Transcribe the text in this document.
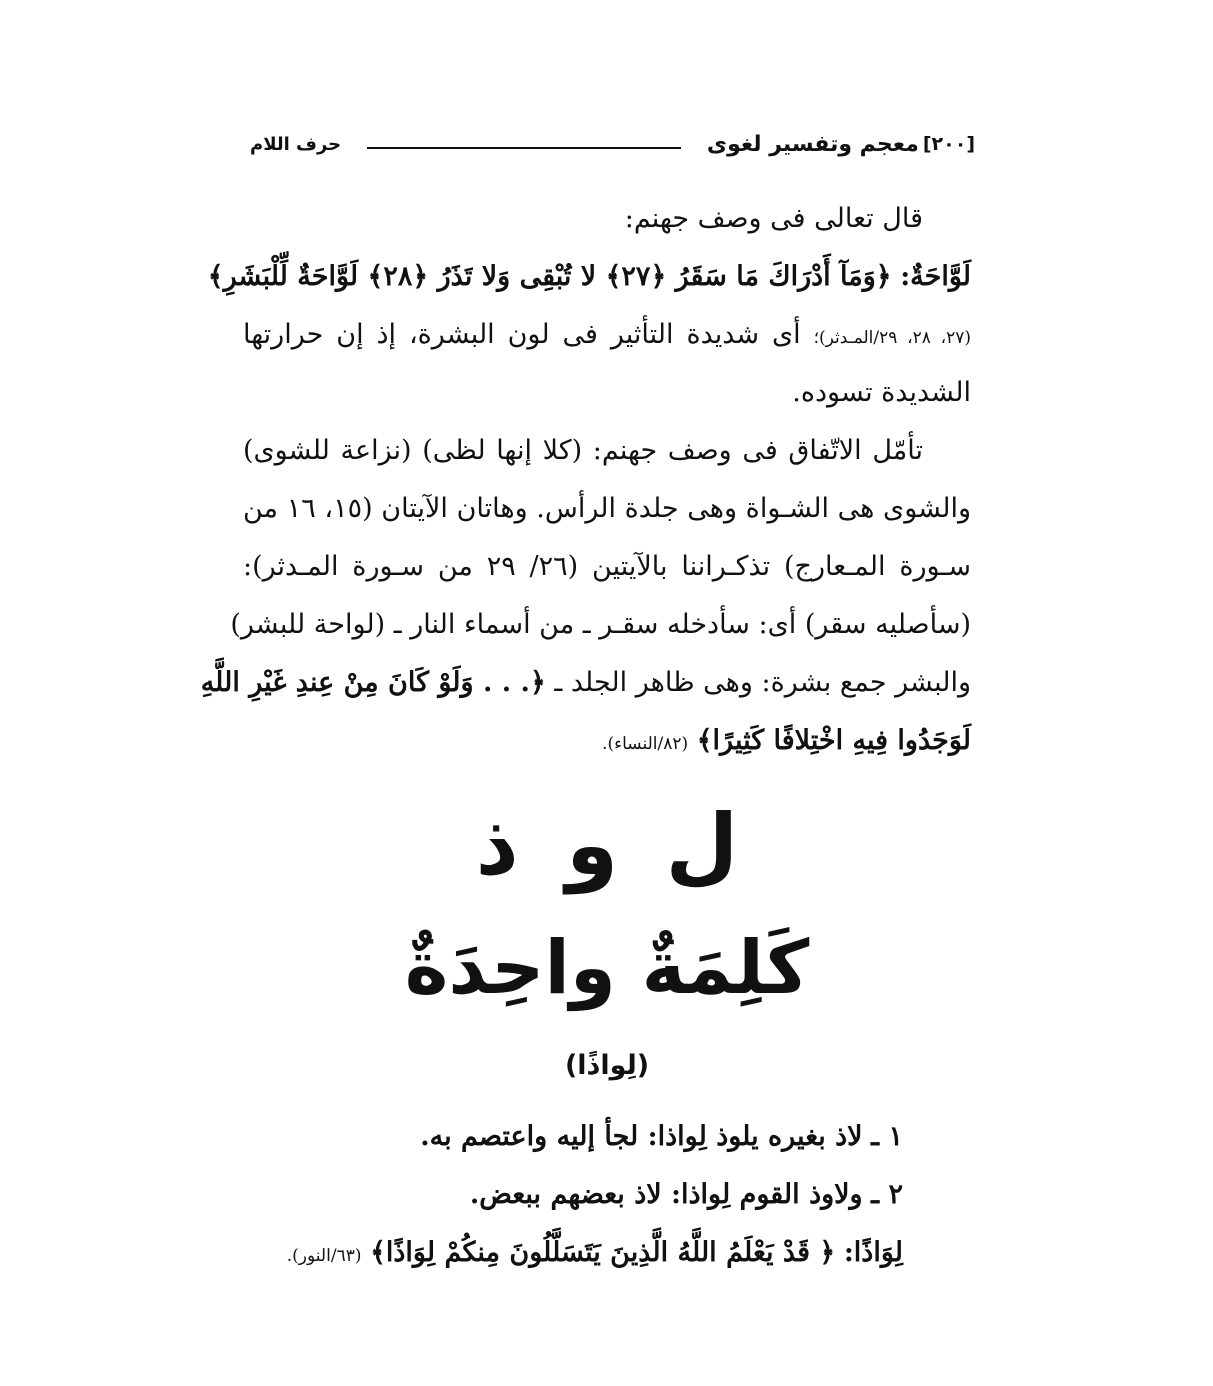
[٢٠٠]
معجم وتفسير لغوى
حرف اللام
قال تعالى فى وصف جهنم:
لَوَّاحَةٌ: ﴿وَمَآ أَدْرَاكَ مَا سَقَرُ ﴿٢٧﴾ لا تُبْقِى وَلا تَذَرُ ﴿٢٨﴾ لَوَّاحَةٌ لِّلْبَشَرِ﴾
(٢٧، ٢٨، ٢٩/المـدثر)؛ أى شديدة التأثير فى لون البشرة، إذ إن حرارتها
الشديدة تسوده.
تأمّل الاتّفاق فى وصف جهنم: (كلا إنها لظى) (نزاعة للشوى)
والشوى هى الشـواة وهى جلدة الرأس. وهاتان الآيتان (١٥، ١٦ من
سـورة المـعارج) تذكـراننا بالآيتين (٢٦/ ٢٩ من سـورة المـدثر):
(سأصليه سقر) أى: سأدخله سقـر ـ من أسماء النار ـ (لواحة للبشر)
والبشر جمع بشرة: وهى ظاهر الجلد ـ ﴿. . . وَلَوْ كَانَ مِنْ عِندِ غَيْرِ اللَّهِ
لَوَجَدُوا فِيهِ اخْتِلافًا كَثِيرًا﴾ (٨٢/النساء).
ل و ذ
كَلِمَةٌ واحِدَةٌ
(لِواذًا)
١ ـ لاذ بغيره يلوذ لِواذا: لجأ إليه واعتصم به.
٢ ـ ولاوذ القوم لِواذا: لاذ بعضهم ببعض.
لِوَاذًا: ﴿ قَدْ يَعْلَمُ اللَّهُ الَّذِينَ يَتَسَلَّلُونَ مِنكُمْ لِوَاذًا﴾ (٦٣/النور).
